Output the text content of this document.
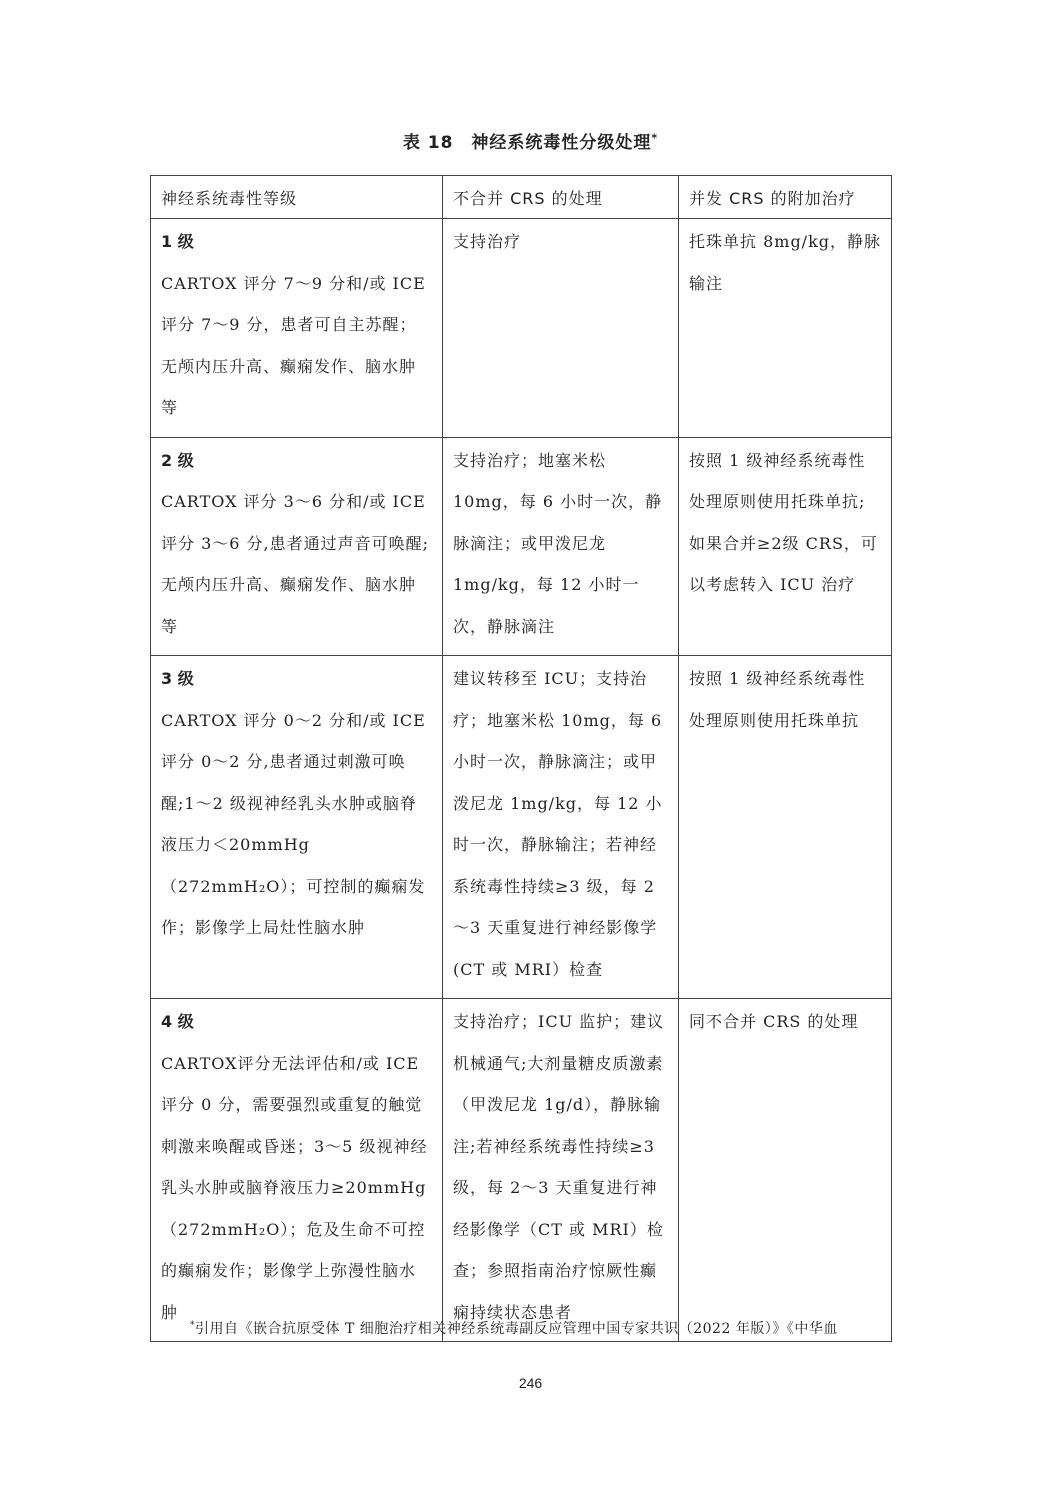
表 18　神经系统毒性分级处理*
神经系统毒性等级	不合并 CRS 的处理	并发 CRS 的附加治疗

1 级
CARTOX 评分 7～9 分和/或 ICE 评分 7～9 分，患者可自主苏醒；无颅内压升高、癫痫发作、脑水肿等	支持治疗	托珠单抗 8mg/kg，静脉输注

2 级
CARTOX 评分 3～6 分和/或 ICE 评分 3～6 分,患者通过声音可唤醒;无颅内压升高、癫痫发作、脑水肿等	支持治疗；地塞米松 10mg，每 6 小时一次，静脉滴注；或甲泼尼龙 1mg/kg，每 12 小时一次，静脉滴注	按照 1 级神经系统毒性处理原则使用托珠单抗;如果合并≥2级 CRS，可以考虑转入 ICU 治疗

3 级
CARTOX 评分 0～2 分和/或 ICE 评分 0～2 分,患者通过刺激可唤醒;1～2 级视神经乳头水肿或脑脊液压力＜20mmHg（272mmH₂O）；可控制的癫痫发作；影像学上局灶性脑水肿	建议转移至 ICU；支持治疗；地塞米松 10mg，每 6 小时一次，静脉滴注；或甲泼尼龙 1mg/kg，每 12 小时一次，静脉输注；若神经系统毒性持续≥3 级，每 2～3 天重复进行神经影像学(CT 或 MRI）检查	按照 1 级神经系统毒性处理原则使用托珠单抗

4 级
CARTOX评分无法评估和/或 ICE 评分 0 分，需要强烈或重复的触觉刺激来唤醒或昏迷；3～5 级视神经乳头水肿或脑脊液压力≥20mmHg（272mmH₂O）；危及生命不可控的癫痫发作；影像学上弥漫性脑水肿	支持治疗；ICU 监护；建议机械通气;大剂量糖皮质激素（甲泼尼龙 1g/d），静脉输注;若神经系统毒性持续≥3 级，每 2～3 天重复进行神经影像学（CT 或 MRI）检查；参照指南治疗惊厥性癫痫持续状态患者	同不合并 CRS 的处理

*引用自《嵌合抗原受体 T 细胞治疗相关神经系统毒副反应管理中国专家共识（2022 年版）》《中华血

246
